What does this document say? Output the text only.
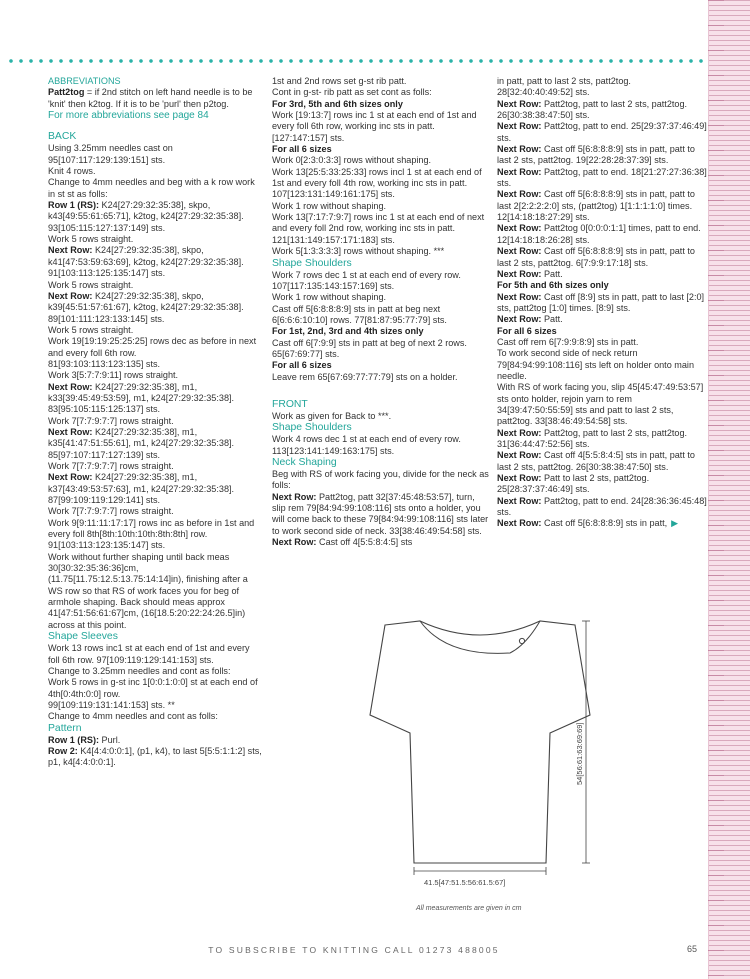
ABBREVIATIONS

Patt2tog = if 2nd stitch on left hand needle is to be 'knit' then k2tog. If it is to be 'purl' then p2tog.

For more abbreviations see page 84

BACK

Using 3.25mm needles cast on 95[107:117:129:139:151] sts.

Knit 4 rows.

Change to 4mm needles and beg with a k row work in st st as folls:

Row 1 (RS): K24[27:29:32:35:38], skpo, k43[49:55:61:65:71], k2tog, k24[27:29:32:35:38].

93[105:115:127:137:149] sts.

Work 5 rows straight.

Next Row: K24[27:29:32:35:38], skpo, k41[47:53:59:63:69], k2tog, k24[27:29:32:35:38].

91[103:113:125:135:147] sts.

Work 5 rows straight.

Next Row: K24[27:29:32:35:38], skpo, k39[45:51:57:61:67], k2tog, k24[27:29:32:35:38].

89[101:111:123:133:145] sts.

Work 5 rows straight.

Work 19[19:19:25:25:25] rows dec as before in next and every foll 6th row.

81[93:103:113:123:135] sts.

Work 3[5:7:7:9:11] rows straight.

Next Row: K24[27:29:32:35:38], m1, k33[39:45:49:53:59], m1, k24[27:29:32:35:38].

83[95:105:115:125:137] sts.

Work 7[7:7:9:7:7] rows straight.

Next Row: K24[27:29:32:35:38], m1, k35[41:47:51:55:61], m1, k24[27:29:32:35:38].

85[97:107:117:127:139] sts.

Work 7[7:7:9:7:7] rows straight.

Next Row: K24[27:29:32:35:38], m1, k37[43:49:53:57:63], m1, k24[27:29:32:35:38].

87[99:109:119:129:141] sts.

Work 7[7:7:9:7:7] rows straight.

Work 9[9:11:11:17:17] rows inc as before in 1st and every foll 8th[8th:10th:10th:8th:8th] row.

91[103:113:123:135:147] sts.

Work without further shaping until back meas 30[30:32:35:36:36]cm, (11.75[11.75:12.5:13.75:14:14]in), finishing after a WS row so that RS of work faces you for beg of armhole shaping. Back should meas approx 41[47:51:56:61:67]cm, (16[18.5:20:22:24:26.5]in) across at this point.

Shape Sleeves

Work 13 rows inc1 st at each end of 1st and every foll 6th row. 97[109:119:129:141:153] sts.

Change to 3.25mm needles and cont as folls:

Work 5 rows in g-st inc 1[0:0:1:0:0] st at each end of 4th[0:4th:0:0] row.

99[109:119:131:141:153] sts. **

Change to 4mm needles and cont as folls:

Pattern

Row 1 (RS): Purl.

Row 2: K4[4:4:0:0:1], (p1, k4), to last 5[5:5:1:1:2] sts, p1, k4[4:4:0:0:1].

1st and 2nd rows set g-st rib patt.

Cont in g-st- rib patt as set cont as folls:

For 3rd, 5th and 6th sizes only

Work [19:13:7] rows inc 1 st at each end of 1st and every foll 6th row, working inc sts in patt. [127:147:157] sts.

For all 6 sizes

Work 0[2:3:0:3:3] rows without shaping.

Work 13[25:5:33:25:33] rows incl 1 st at each end of 1st and every foll 4th row, working inc sts in patt. 107[123:131:149:161:175] sts.

Work 1 row without shaping.

Work 13[7:17:7:9:7] rows inc 1 st at each end of next and every foll 2nd row, working inc sts in patt. 121[131:149:157:171:183] sts.

Work 5[1:3:3:3:3] rows without shaping. ***

Shape Shoulders

Work 7 rows dec 1 st at each end of every row. 107[117:135:143:157:169] sts.

Work 1 row without shaping.

Cast off 5[6:8:8:8:9] sts in patt at beg next 6[6:6:6:10:10] rows. 77[81:87:95:77:79] sts.

For 1st, 2nd, 3rd and 4th sizes only

Cast off 6[7:9:9] sts in patt at beg of next 2 rows. 65[67:69:77] sts.

For all 6 sizes

Leave rem 65[67:69:77:77:79] sts on a holder.

FRONT

Work as given for Back to ***.

Shape Shoulders

Work 4 rows dec 1 st at each end of every row. 113[123:141:149:163:175] sts.

Neck Shaping

Beg with RS of work facing you, divide for the neck as folls:

Next Row: Patt2tog, patt 32[37:45:48:53:57], turn, slip rem 79[84:94:99:108:116] sts onto a holder, you will come back to these 79[84:94:99:108:116] sts later to work second side of neck. 33[38:46:49:54:58] sts.

Next Row: Cast off 4[5:5:8:4:5] sts

in patt, patt to last 2 sts, patt2tog. 28[32:40:40:49:52] sts.

Next Row: Patt2tog, patt to last 2 sts, patt2tog. 26[30:38:38:47:50] sts.

Next Row: Patt2tog, patt to end. 25[29:37:37:46:49] sts.

Next Row: Cast off 5[6:8:8:8:9] sts in patt, patt to last 2 sts, patt2tog. 19[22:28:28:37:39] sts.

Next Row: Patt2tog, patt to end. 18[21:27:27:36:38] sts.

Next Row: Cast off 5[6:8:8:8:9] sts in patt, patt to last 2[2:2:2:2:0] sts, (patt2tog) 1[1:1:1:1:0] times. 12[14:18:18:27:29] sts.

Next Row: Patt2tog 0[0:0:0:1:1] times, patt to end. 12[14:18:18:26:28] sts.

Next Row: Cast off 5[6:8:8:8:9] sts in patt, patt to last 2 sts, patt2tog. 6[7:9:9:17:18] sts.

Next Row: Patt.

For 5th and 6th sizes only

Next Row: Cast off [8:9] sts in patt, patt to last [2:0] sts, patt2tog [1:0] times. [8:9] sts.

Next Row: Patt.

For all 6 sizes

Cast off rem 6[7:9:9:8:9] sts in patt.

To work second side of neck return 79[84:94:99:108:116] sts left on holder onto main needle.

With RS of work facing you, slip 45[45:47:49:53:57] sts onto holder, rejoin yarn to rem 34[39:47:50:55:59] sts and patt to last 2 sts, patt2tog. 33[38:46:49:54:58] sts.

Next Row: Patt2tog, patt to last 2 sts, patt2tog. 31[36:44:47:52:56] sts.

Next Row: Cast off 4[5:5:8:4:5] sts in patt, patt to last 2 sts, patt2tog. 26[30:38:38:47:50] sts.

Next Row: Patt to last 2 sts, patt2tog. 25[28:37:37:46:49] sts.

Next Row: Patt2tog, patt to end. 24[28:36:36:45:48] sts.

Next Row: Cast off 5[6:8:8:8:9] sts in patt, ▶

54[56:61:63:69:69]
41.5[47:51.5:56:61.5:67]
All measurements are given in cm
TO SUBSCRIBE TO KNITTING CALL 01273 488005	65
